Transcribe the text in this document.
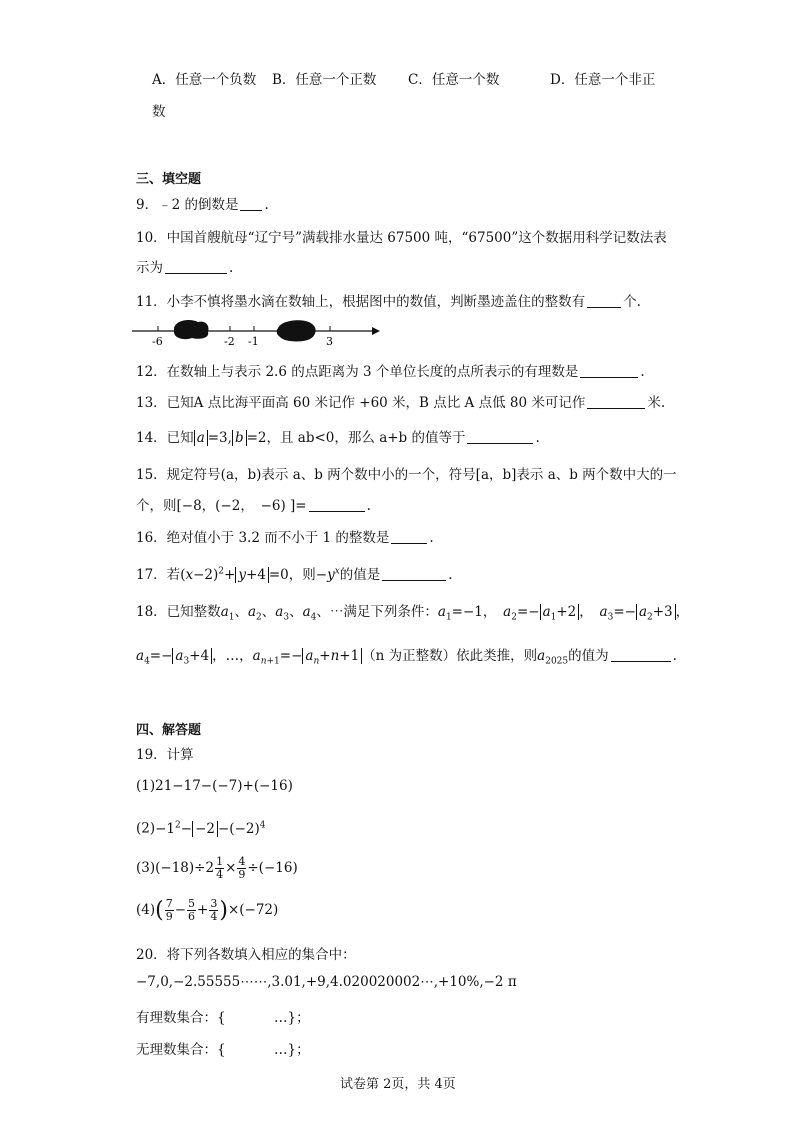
A．任意一个负数 B．任意一个正数 C．任意一个数	D．任意一个非正
数
三、填空题
9．﹣2 的倒数是 .
10．中国首艘航母“辽宁号”满载排水量达 67500 吨，“67500”这个数据用科学记数法表
示为	.
11．小李不慎将墨水滴在数轴上，根据图中的数值，判断墨迹盖住的整数有	个.
-6	-2 -1	3
12．在数轴上与表示 2.6 的点距离为 3 个单位长度的点所表示的有理数是	.
13．已知A 点比海平面高 60 米记作 +60 米，B 点比 A 点低 80 米可记作	米.
14．已知 a =3, b =2，且 ab<0，那么 a+b 的值等于	.
15．规定符号(a，b)表示 a、b 两个数中小的一个，符号[a，b]表示 a、b 两个数中大的一
个，则[−8，(−2，　−6) ]=	.
16．绝对值小于 3.2 而不小于 1 的整数是	.
17．若$(x-2)^2+ y+4 =0$，则$-y^x$的值是	.
18．已知整数$a_1$、$a_2$、$a_3$、$a_4$、⋯满足下列条件：$a_1=-1$，　$a_2=- a_1+2$ ，　$a_3=- a_2+3$ ，
$a_4=- a_3+4$ ，…，$a_{n+1}=- a_n+n+1$ （n 为正整数）依此类推，则$a_{2025}$的值为	.
四、解答题
19．计算
(1)21−17−(−7)+(−16)
$(2)-1^2- -2 -(-2)^4$
$(3)(-18)\div 2 \frac{1}{4} \times \frac{4}{9} \div(-16)$
$(4)( \frac{7}{9} - \frac{5}{6} + \frac{3}{4} )\times(-72)$
20．将下列各数填入相应的集合中：
−7,0,−2.55555⋯⋯,3.01,+9,4.020020002⋯,+10%,−2 π
有理数集合：{	…}；
无理数集合：{	…}；
试卷第 2页，共 4页
